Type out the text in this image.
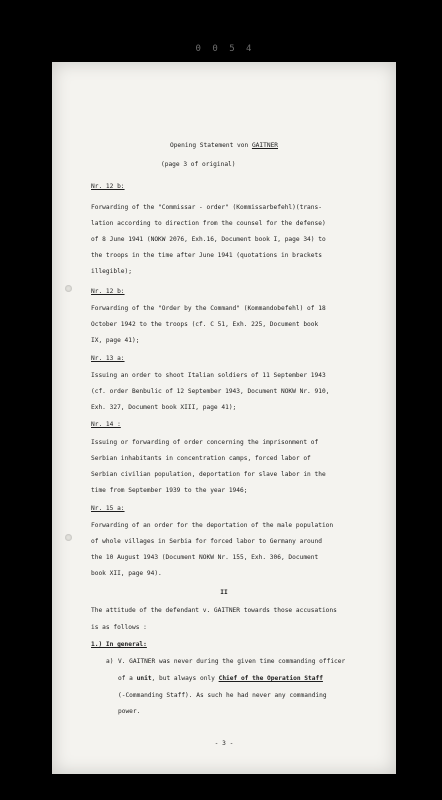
0 0 5 4
Opening Statement von GAITNER
(page 3 of original)
Nr. 12 b:
Forwarding of the "Commissar - order" (Kommissarbefehl)(trans-
lation according to direction from the counsel for the defense)
of 8 June 1941 (NOKW 2076, Exh.16, Document book I, page 34) to
the troops in the time after June 1941 (quotations in brackets
illegible);
Nr. 12 b:
Forwarding of the "Order by the Command" (Kommandobefehl) of 18
October 1942 to the troops (cf. C 51, Exh. 225, Document book
IX, page 41);
Nr. 13 a:
Issuing an order to shoot Italian soldiers of 11 September 1943
(cf. order Benbulic of 12 September 1943, Document NOKW Nr. 910,
Exh. 327, Document book XIII, page 41);
Nr. 14 :
Issuing or forwarding of order concerning the imprisonment of
Serbian inhabitants in concentration camps, forced labor of
Serbian civilian population, deportation for slave labor in the
time from September 1939 to the year 1946;
Nr. 15 a:
Forwarding of an order for the deportation of the male population
of whole villages in Serbia for forced labor to Germany around
the 10 August 1943 (Document NOKW Nr. 155, Exh. 306, Document
book XII, page 94).
II
The attitude of the defendant v. GAITNER towards those accusations
is as follows :
1.) In general:
a) V. GAITNER was never during the given time commanding officer
of a unit, but always only Chief of the Operation Staff
(-Commanding Staff). As such he had never any commanding
power.
- 3 -
